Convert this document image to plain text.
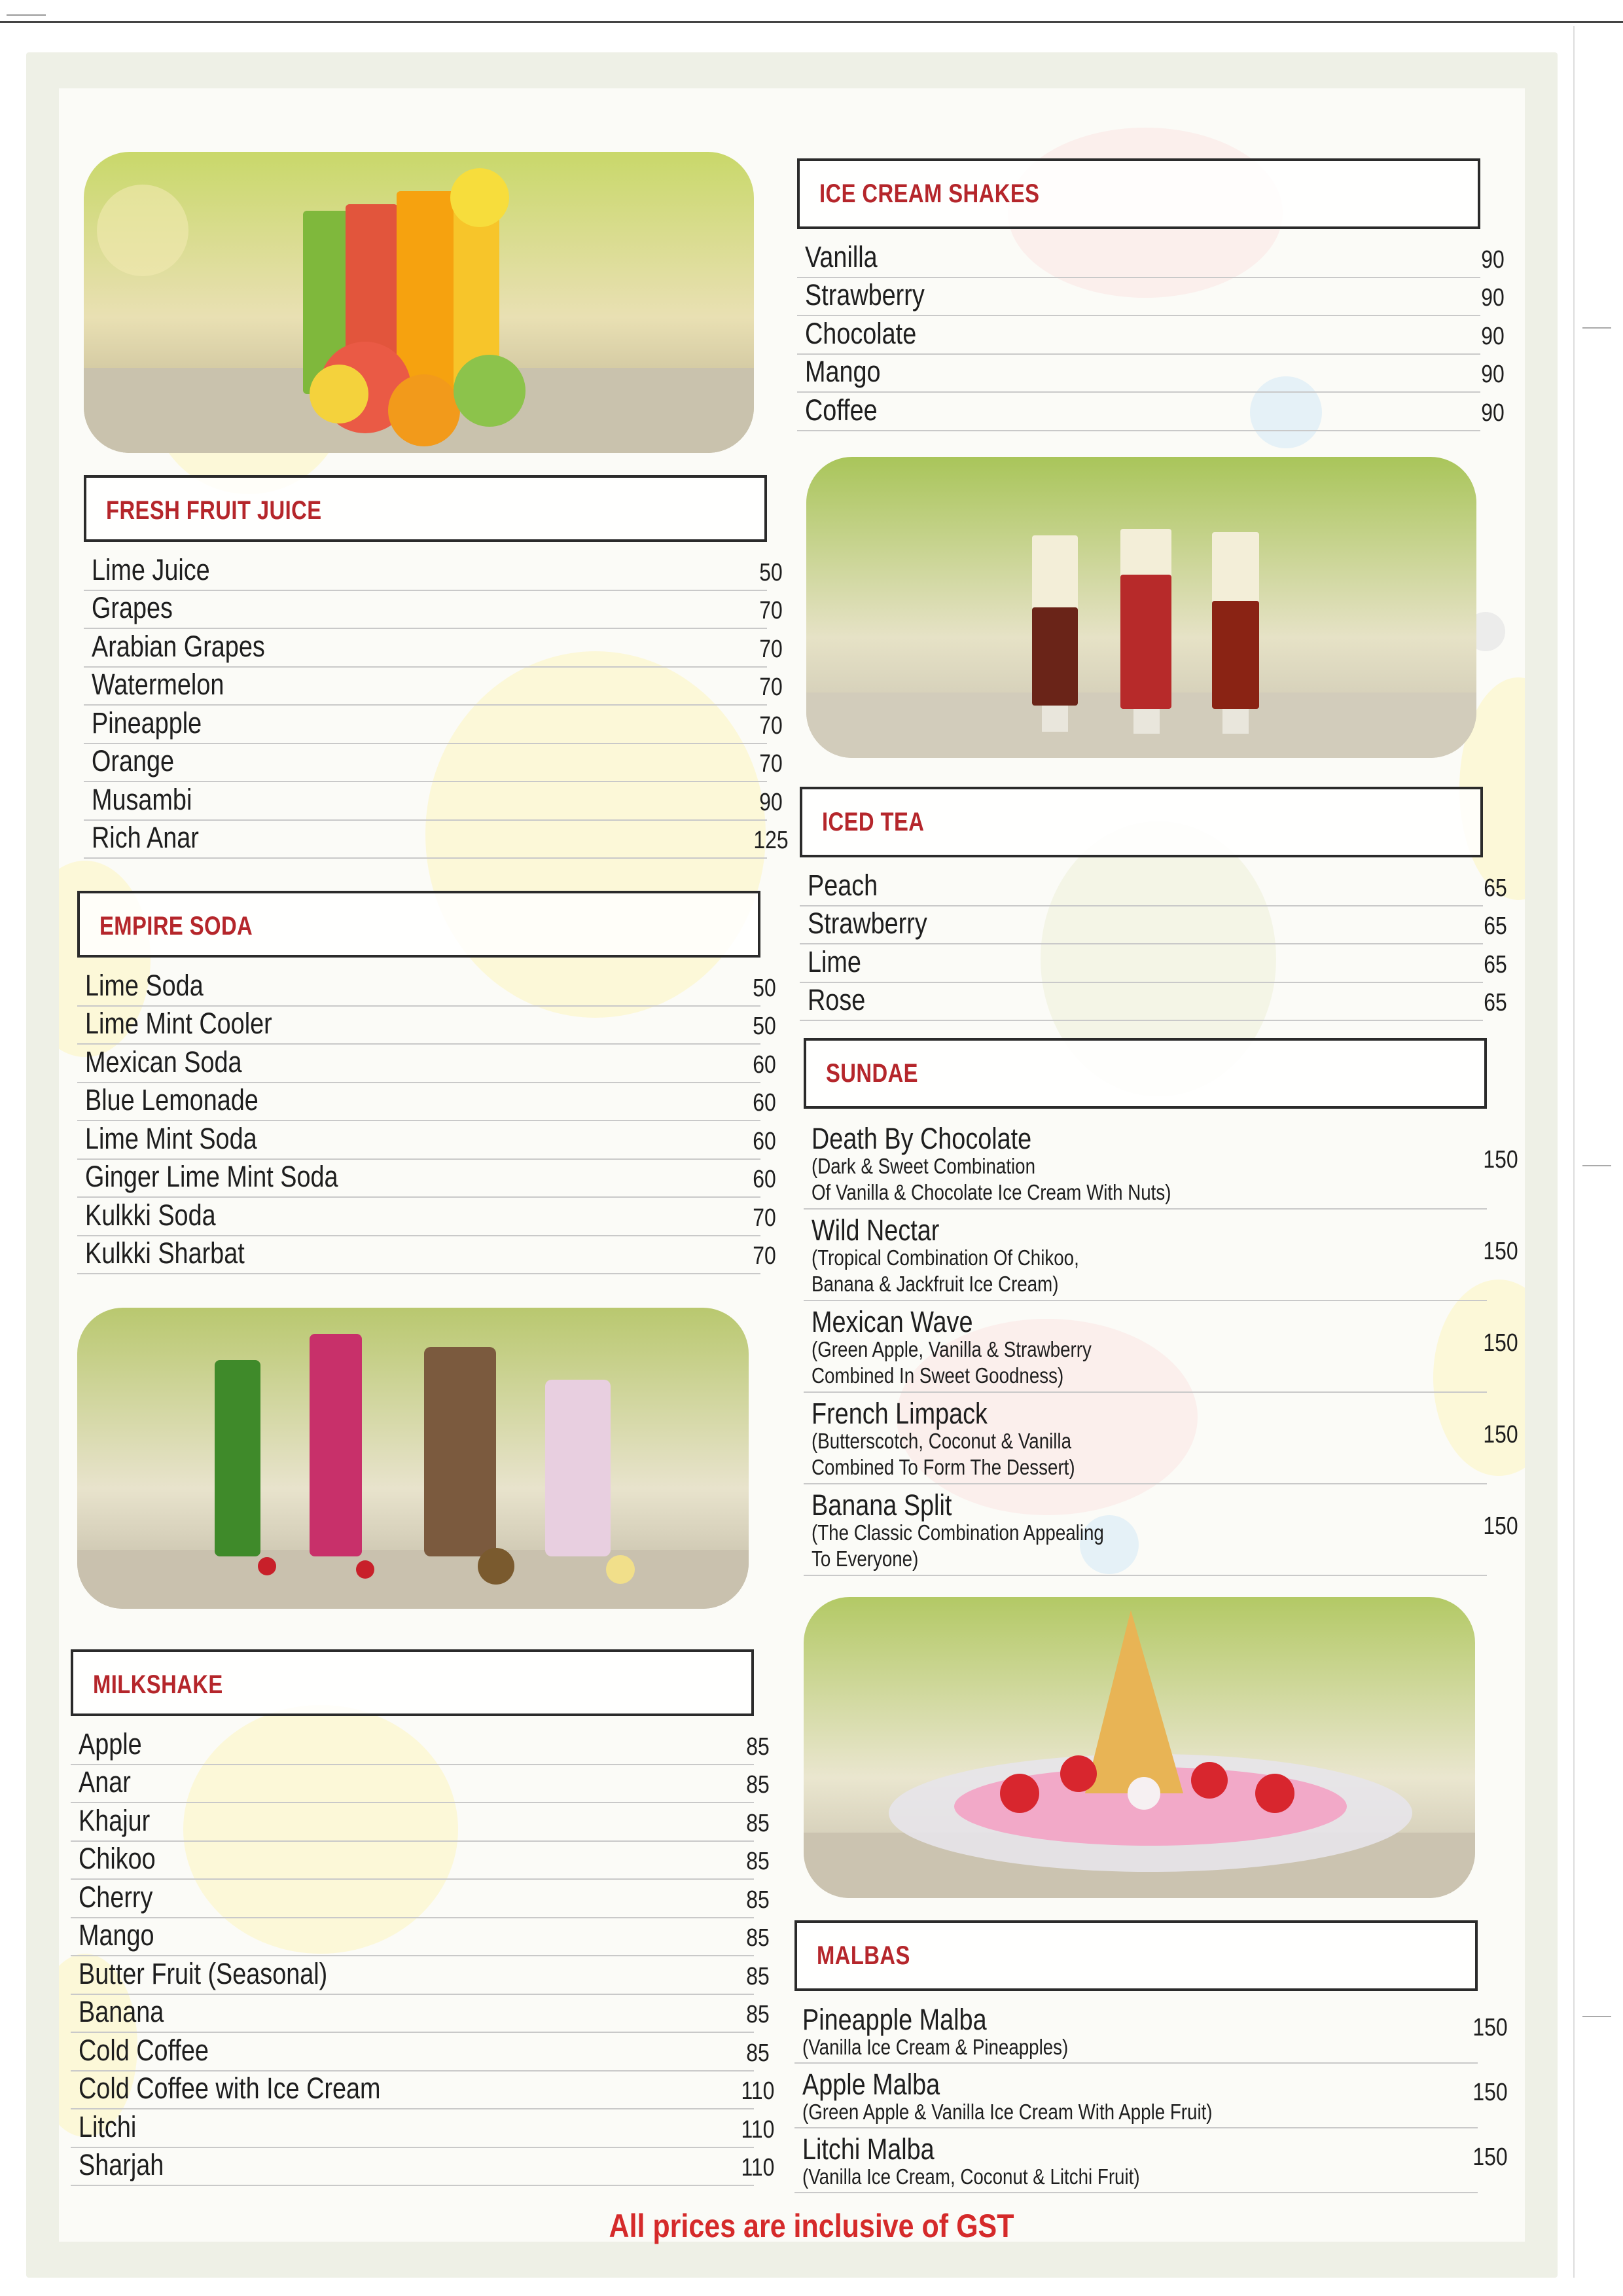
FRESH FRUIT JUICE
Lime Juice	50
Grapes	70
Arabian Grapes	70
Watermelon	70
Pineapple	70
Orange	70
Musambi	90
Rich Anar	125
EMPIRE SODA
Lime Soda	50
Lime Mint Cooler	50
Mexican Soda	60
Blue Lemonade	60
Lime Mint Soda	60
Ginger Lime Mint Soda	60
Kulkki Soda	70
Kulkki Sharbat	70
MILKSHAKE
Apple	85
Anar	85
Khajur	85
Chikoo	85
Cherry	85
Mango	85
Butter Fruit (Seasonal)	85
Banana	85
Cold Coffee	85
Cold Coffee with Ice Cream	110
Litchi	110
Sharjah	110
ICE CREAM SHAKES
Vanilla	90
Strawberry	90
Chocolate	90
Mango	90
Coffee	90
ICED TEA
Peach	65
Strawberry	65
Lime	65
Rose	65
SUNDAE
Death By Chocolate
(Dark & Sweet Combination
Of Vanilla & Chocolate Ice Cream With Nuts)
150
Wild Nectar
(Tropical Combination Of Chikoo,
Banana & Jackfruit Ice Cream)
150
Mexican Wave
(Green Apple, Vanilla & Strawberry
Combined In Sweet Goodness)
150
French Limpack
(Butterscotch, Coconut & Vanilla
Combined To Form The Dessert)
150
Banana Split
(The Classic Combination Appealing
To Everyone)
150
MALBAS
Pineapple Malba
(Vanilla Ice Cream & Pineapples)
150
Apple Malba
(Green Apple & Vanilla Ice Cream With Apple Fruit)
150
Litchi Malba
(Vanilla Ice Cream, Coconut & Litchi Fruit)
150
All prices are inclusive of GST
